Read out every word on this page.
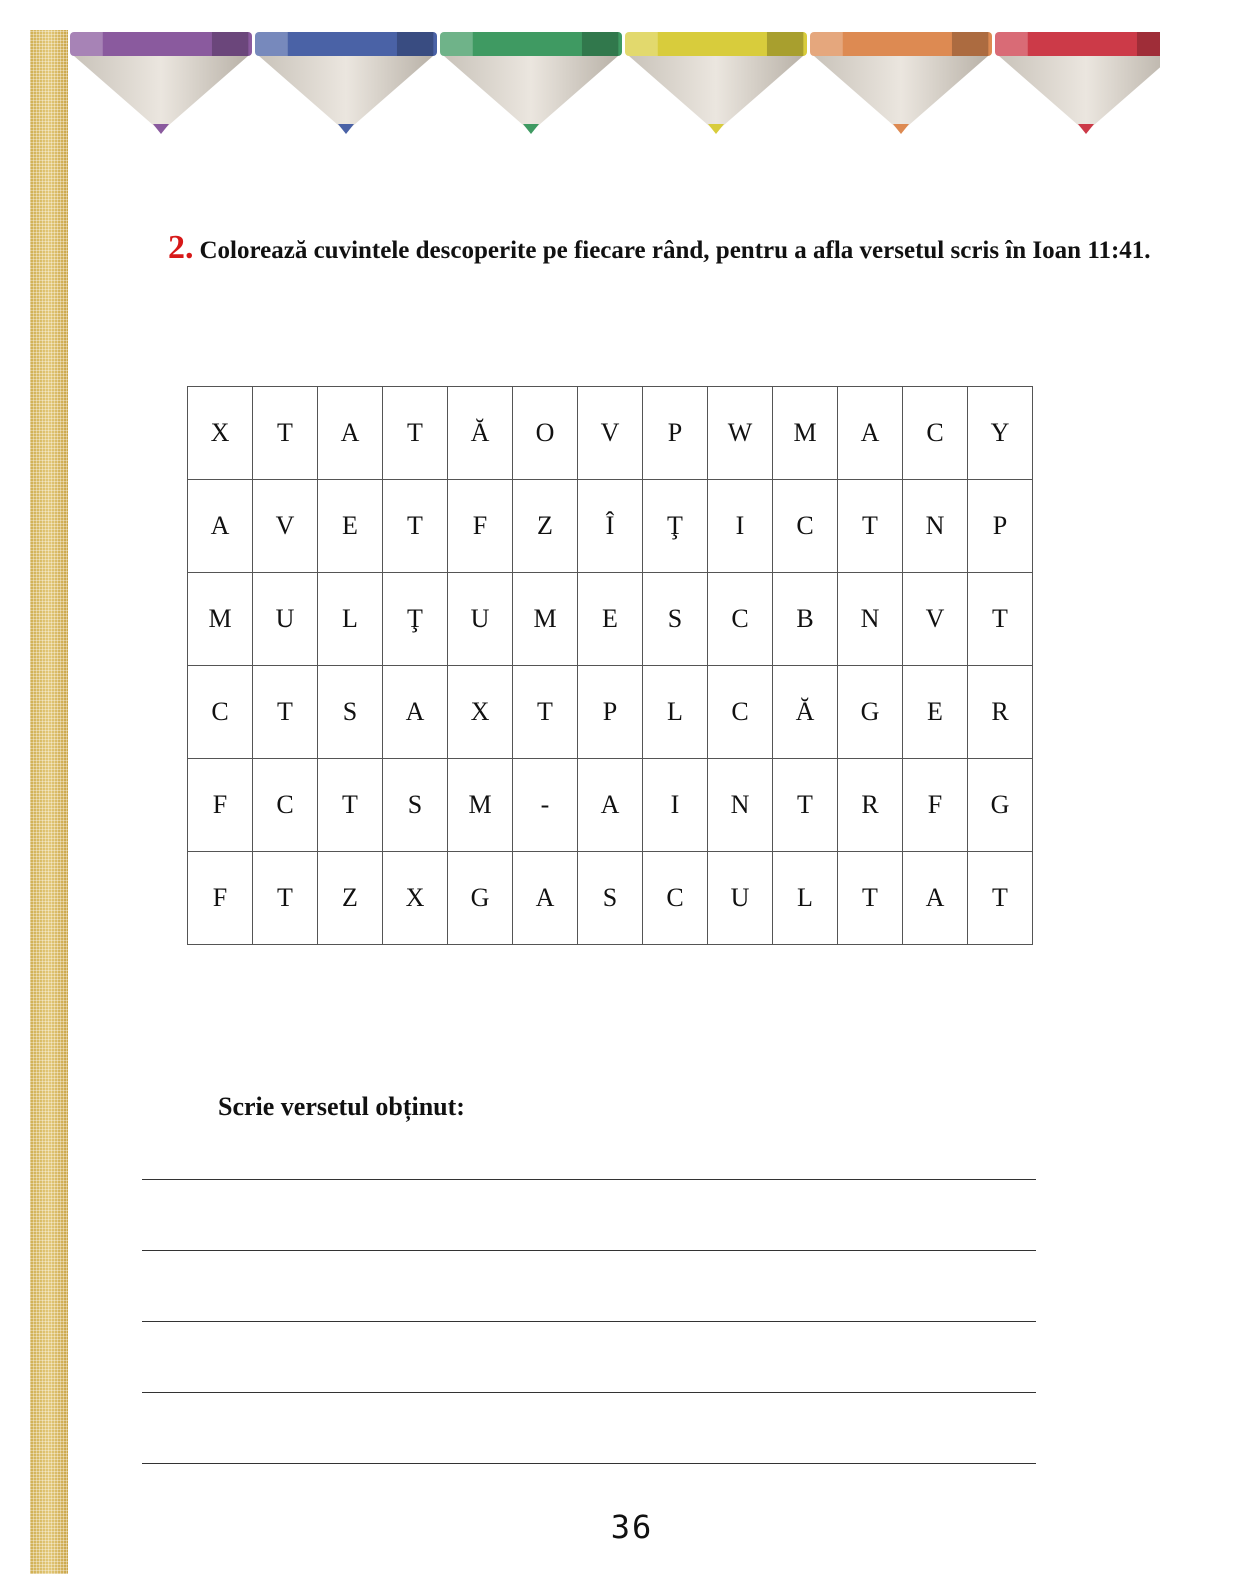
2. Colorează cuvintele descoperite pe fiecare rând, pentru a afla versetul scris în Ioan 11:41.
X	T	A	T	Ă	O	V	P	W	M	A	C	Y
A	V	E	T	F	Z	Î	Ţ	I	C	T	N	P
M	U	L	Ţ	U	M	E	S	C	B	N	V	T
C	T	S	A	X	T	P	L	C	Ă	G	E	R
F	C	T	S	M	-	A	I	N	T	R	F	G
F	T	Z	X	G	A	S	C	U	L	T	A	T
Scrie versetul obținut:
36
